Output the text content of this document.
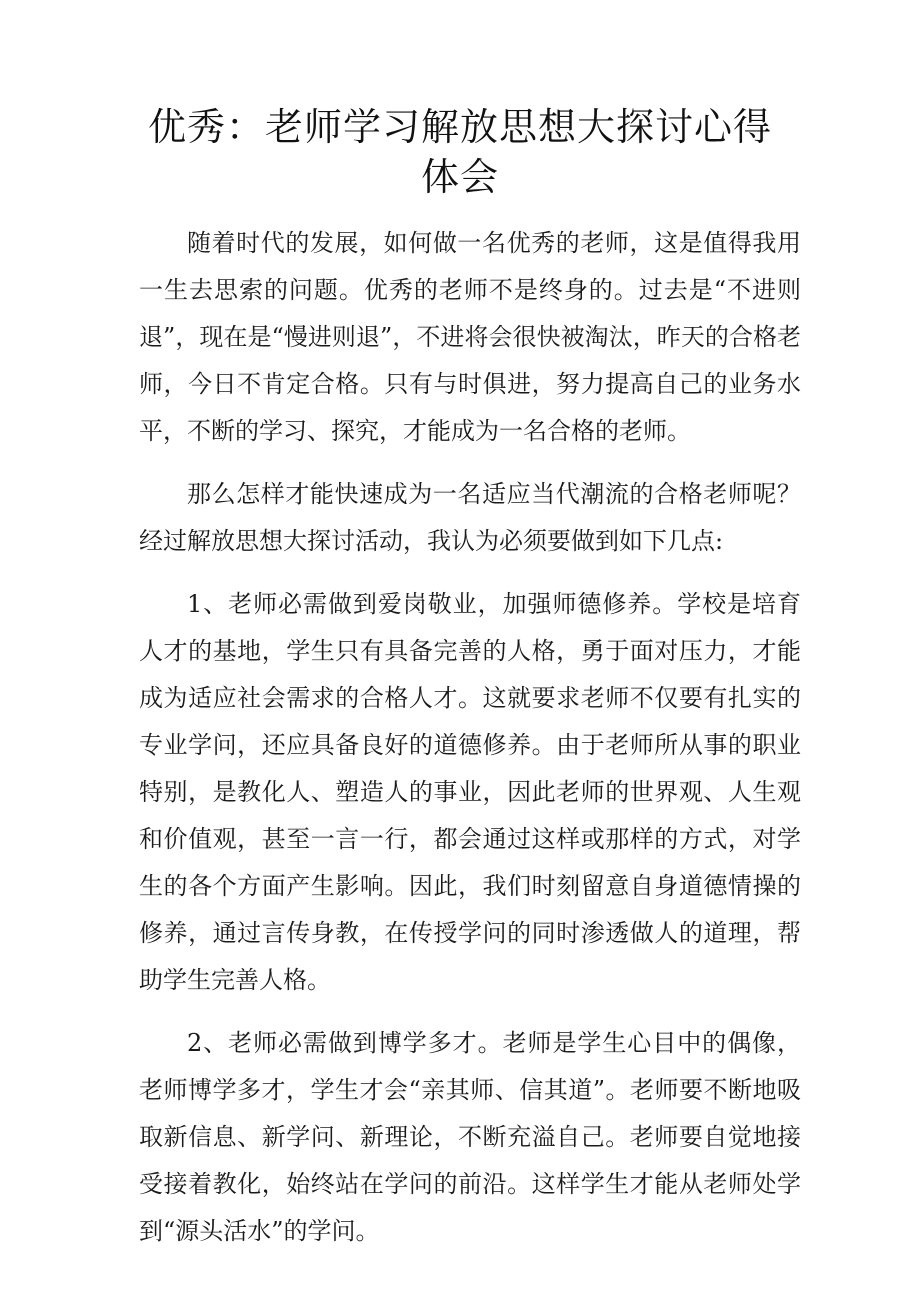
优秀：老师学习解放思想大探讨心得体会

随着时代的发展，如何做一名优秀的老师，这是值得我用一生去思索的问题。优秀的老师不是终身的。过去是“不进则退”，现在是“慢进则退”，不进将会很快被淘汰，昨天的合格老师，今日不肯定合格。只有与时俱进，努力提高自己的业务水平，不断的学习、探究，才能成为一名合格的老师。

那么怎样才能快速成为一名适应当代潮流的合格老师呢？经过解放思想大探讨活动，我认为必须要做到如下几点:

1、老师必需做到爱岗敬业，加强师德修养。学校是培育人才的基地，学生只有具备完善的人格，勇于面对压力，才能成为适应社会需求的合格人才。这就要求老师不仅要有扎实的专业学问，还应具备良好的道德修养。由于老师所从事的职业特别，是教化人、塑造人的事业，因此老师的世界观、人生观和价值观，甚至一言一行，都会通过这样或那样的方式，对学生的各个方面产生影响。因此，我们时刻留意自身道德情操的修养，通过言传身教，在传授学问的同时渗透做人的道理，帮助学生完善人格。

2、老师必需做到博学多才。老师是学生心目中的偶像，老师博学多才，学生才会“亲其师、信其道”。老师要不断地吸取新信息、新学问、新理论，不断充溢自己。老师要自觉地接受接着教化，始终站在学问的前沿。这样学生才能从老师处学到“源头活水”的学问。
